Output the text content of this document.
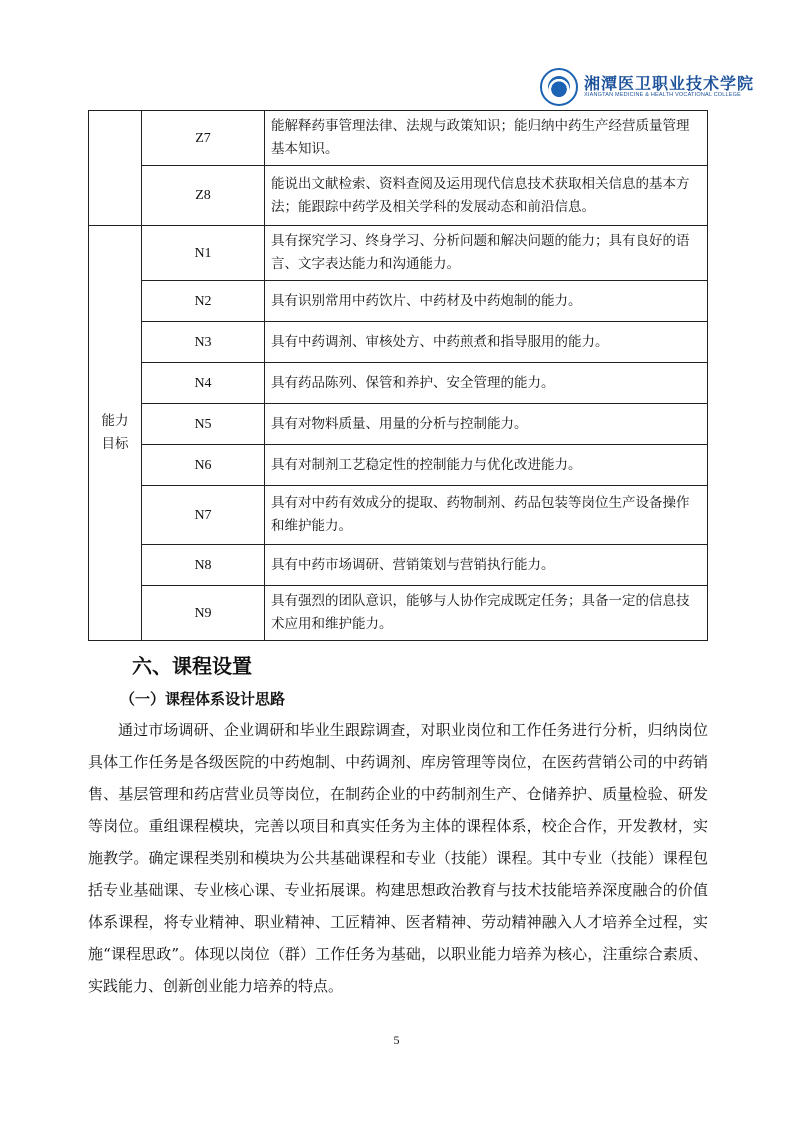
湘潭医卫职业技术学院
XIANGTAN MEDICINE & HEALTH VOCATIONAL COLLEGE
	Z7	能解释药事管理法律、法规与政策知识；能归纳中药生产经营质量管理基本知识。
	Z8	能说出文献检索、资料查阅及运用现代信息技术获取相关信息的基本方法；能跟踪中药学及相关学科的发展动态和前沿信息。
能力目标	N1	具有探究学习、终身学习、分析问题和解决问题的能力；具有良好的语言、文字表达能力和沟通能力。
	N2	具有识别常用中药饮片、中药材及中药炮制的能力。
	N3	具有中药调剂、审核处方、中药煎煮和指导服用的能力。
	N4	具有药品陈列、保管和养护、安全管理的能力。
	N5	具有对物料质量、用量的分析与控制能力。
	N6	具有对制剂工艺稳定性的控制能力与优化改进能力。
	N7	具有对中药有效成分的提取、药物制剂、药品包装等岗位生产设备操作和维护能力。
	N8	具有中药市场调研、营销策划与营销执行能力。
	N9	具有强烈的团队意识，能够与人协作完成既定任务；具备一定的信息技术应用和维护能力。
六、课程设置
（一）课程体系设计思路
通过市场调研、企业调研和毕业生跟踪调查，对职业岗位和工作任务进行分析，归纳岗位具体工作任务是各级医院的中药炮制、中药调剂、库房管理等岗位，在医药营销公司的中药销售、基层管理和药店营业员等岗位，在制药企业的中药制剂生产、仓储养护、质量检验、研发等岗位。重组课程模块，完善以项目和真实任务为主体的课程体系，校企合作，开发教材，实施教学。确定课程类别和模块为公共基础课程和专业（技能）课程。其中专业（技能）课程包括专业基础课、专业核心课、专业拓展课。构建思想政治教育与技术技能培养深度融合的价值体系课程，将专业精神、职业精神、工匠精神、医者精神、劳动精神融入人才培养全过程，实施“课程思政”。体现以岗位（群）工作任务为基础，以职业能力培养为核心，注重综合素质、实践能力、创新创业能力培养的特点。
5
